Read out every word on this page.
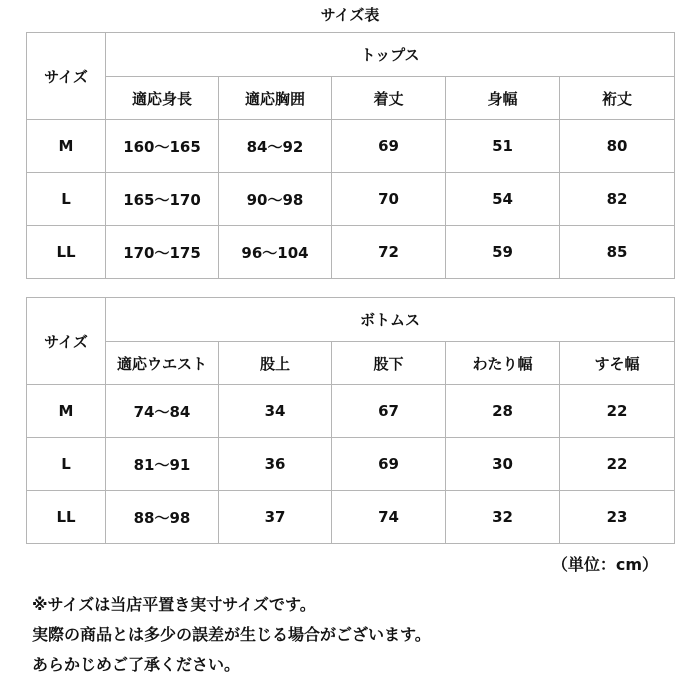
サイズ表
サイズ	トップス				
	適応身長	適応胸囲	着丈	身幅	裄丈
M	160～165	84～92	69	51	80
L	165～170	90～98	70	54	82
LL	170～175	96～104	72	59	85
サイズ	ボトムス				
	適応ウエスト	股上	股下	わたり幅	すそ幅
M	74～84	34	67	28	22
L	81～91	36	69	30	22
LL	88～98	37	74	32	23
（単位：cm）
※サイズは当店平置き実寸サイズです。
実際の商品とは多少の誤差が生じる場合がございます。
あらかじめご了承ください。
